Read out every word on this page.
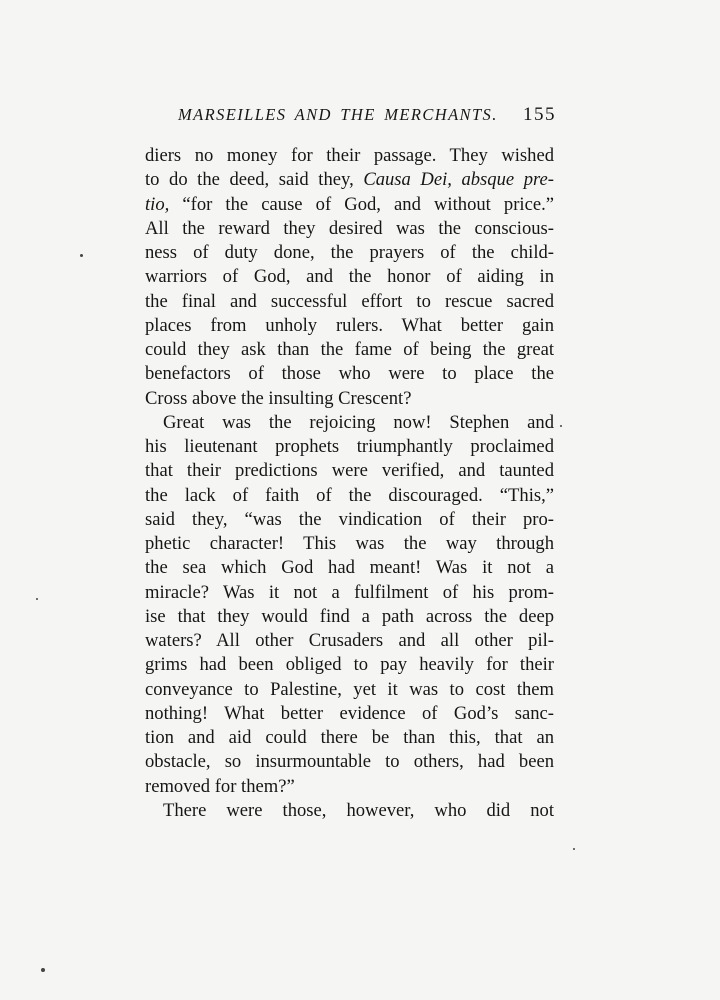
MARSEILLES AND THE MERCHANTS. 155
diers no money for their passage. They wished
to do the deed, said they, Causa Dei, absque pre-
tio, “for the cause of God, and without price.”
All the reward they desired was the conscious-
ness of duty done, the prayers of the child-
warriors of God, and the honor of aiding in
the final and successful effort to rescue sacred
places from unholy rulers. What better gain
could they ask than the fame of being the great
benefactors of those who were to place the
Cross above the insulting Crescent?
Great was the rejoicing now! Stephen and
his lieutenant prophets triumphantly proclaimed
that their predictions were verified, and taunted
the lack of faith of the discouraged. “This,”
said they, “was the vindication of their pro-
phetic character! This was the way through
the sea which God had meant! Was it not a
miracle? Was it not a fulfilment of his prom-
ise that they would find a path across the deep
waters? All other Crusaders and all other pil-
grims had been obliged to pay heavily for their
conveyance to Palestine, yet it was to cost them
nothing! What better evidence of God’s sanc-
tion and aid could there be than this, that an
obstacle, so insurmountable to others, had been
removed for them?”
There were those, however, who did not
